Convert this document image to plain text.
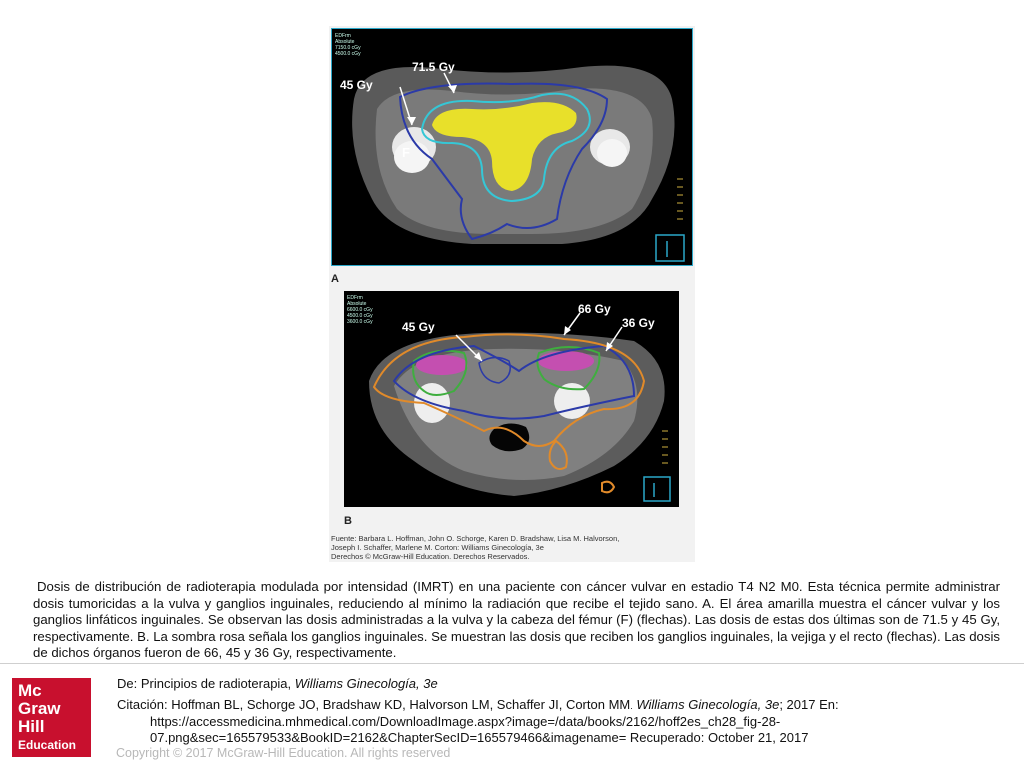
EDFrm
Absolute
7150.0 cGy
4500.0 cGy
71.5 Gy
45 Gy
F
A
EDFrm
Absolute
6600.0 cGy
4500.0 cGy
3600.0 cGy 45 Gy
66 Gy
36 Gy
B
Fuente: Barbara L. Hoffman, John O. Schorge, Karen D. Bradshaw, Lisa M. Halvorson,
Joseph I. Schaffer, Marlene M. Corton: Williams Ginecología, 3e
Derechos © McGraw-Hill Education. Derechos Reservados.
Dosis de distribución de radioterapia modulada por intensidad (IMRT) en una paciente con cáncer vulvar en estadio T4 N2 M0. Esta técnica permite administrar dosis tumoricidas a la vulva y ganglios inguinales, reduciendo al mínimo la radiación que recibe el tejido sano. A. El área amarilla muestra el cáncer vulvar y los ganglios linfáticos inguinales. Se observan las dosis administradas a la vulva y la cabeza del fémur (F) (flechas). Las dosis de estas dos últimas son de 71.5 y 45 Gy, respectivamente. B. La sombra rosa señala los ganglios inguinales. Se muestran las dosis que reciben los ganglios inguinales, la vejiga y el recto (flechas). Las dosis de dichos órganos fueron de 66, 45 y 36 Gy, respectivamente.
Mc
Graw
Hill
Education
De: Principios de radioterapia, Williams Ginecología, 3e
Citación: Hoffman BL, Schorge JO, Bradshaw KD, Halvorson LM, Schaffer JI, Corton MM. Williams Ginecología, 3e; 2017 En:
https://accessmedicina.mhmedical.com/DownloadImage.aspx?image=/data/books/2162/hoff2es_ch28_fig-28-
07.png&sec=165579533&BookID=2162&ChapterSecID=165579466&imagename= Recuperado: October 21, 2017
Copyright © 2017 McGraw-Hill Education. All rights reserved
